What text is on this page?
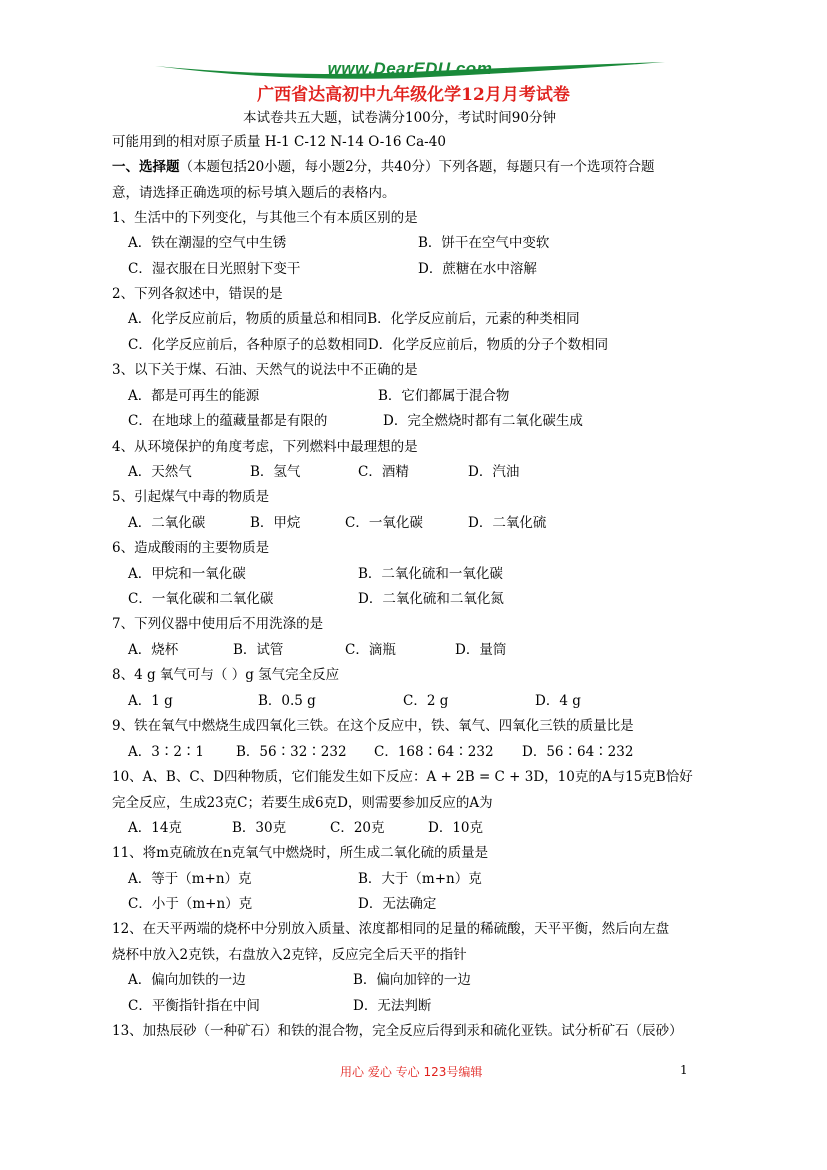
www.DearEDU.com
广西省达高初中九年级化学12月月考试卷
本试卷共五大题，试卷满分100分，考试时间90分钟
可能用到的相对原子质量 H-1 C-12 N-14 O-16 Ca-40
一、选择题（本题包括20小题，每小题2分，共40分）下列各题，每题只有一个选项符合题
意，请选择正确选项的标号填入题后的表格内。
1、生活中的下列变化，与其他三个有本质区别的是
A．铁在潮湿的空气中生锈	B．饼干在空气中变软
C．湿衣服在日光照射下变干	D．蔗糖在水中溶解
2、下列各叙述中，错误的是
A．化学反应前后，物质的质量总和相同B．化学反应前后，元素的种类相同
C．化学反应前后，各种原子的总数相同D．化学反应前后，物质的分子个数相同
3、以下关于煤、石油、天然气的说法中不正确的是
A．都是可再生的能源	B．它们都属于混合物
C．在地球上的蕴藏量都是有限的	D．完全燃烧时都有二氧化碳生成
4、从环境保护的角度考虑，下列燃料中最理想的是
A．天然气	B．氢气	C．酒精	D．汽油
5、引起煤气中毒的物质是
A．二氧化碳	B．甲烷	C．一氧化碳	D．二氧化硫
6、造成酸雨的主要物质是
A．甲烷和一氧化碳	B．二氧化硫和一氧化碳
C．一氧化碳和二氧化碳	D．二氧化硫和二氧化氮
7、下列仪器中使用后不用洗涤的是
A．烧杯	B．试管	C．滴瓶	D．量筒
8、4 g 氧气可与（ ）g 氢气完全反应
A．1 g	B．0.5 g	C．2 g	D．4 g
9、铁在氧气中燃烧生成四氧化三铁。在这个反应中，铁、氧气、四氧化三铁的质量比是
A．3∶2∶1 B．56∶32∶232 C．168∶64∶232 D．56∶64∶232
10、A、B、C、D四种物质，它们能发生如下反应：A + 2B = C + 3D，10克的A与15克B恰好
完全反应，生成23克C；若要生成6克D，则需要参加反应的A为
A．14克	B．30克	C．20克	D．10克
11、将m克硫放在n克氧气中燃烧时，所生成二氧化硫的质量是
A．等于（m+n）克	B．大于（m+n）克
C．小于（m+n）克	D．无法确定
12、在天平两端的烧杯中分别放入质量、浓度都相同的足量的稀硫酸，天平平衡，然后向左盘
烧杯中放入2克铁，右盘放入2克锌，反应完全后天平的指针
A．偏向加铁的一边	B．偏向加锌的一边
C．平衡指针指在中间	D．无法判断
13、加热辰砂（一种矿石）和铁的混合物，完全反应后得到汞和硫化亚铁。试分析矿石（辰砂）
用心 爱心 专心 123号编辑	1
